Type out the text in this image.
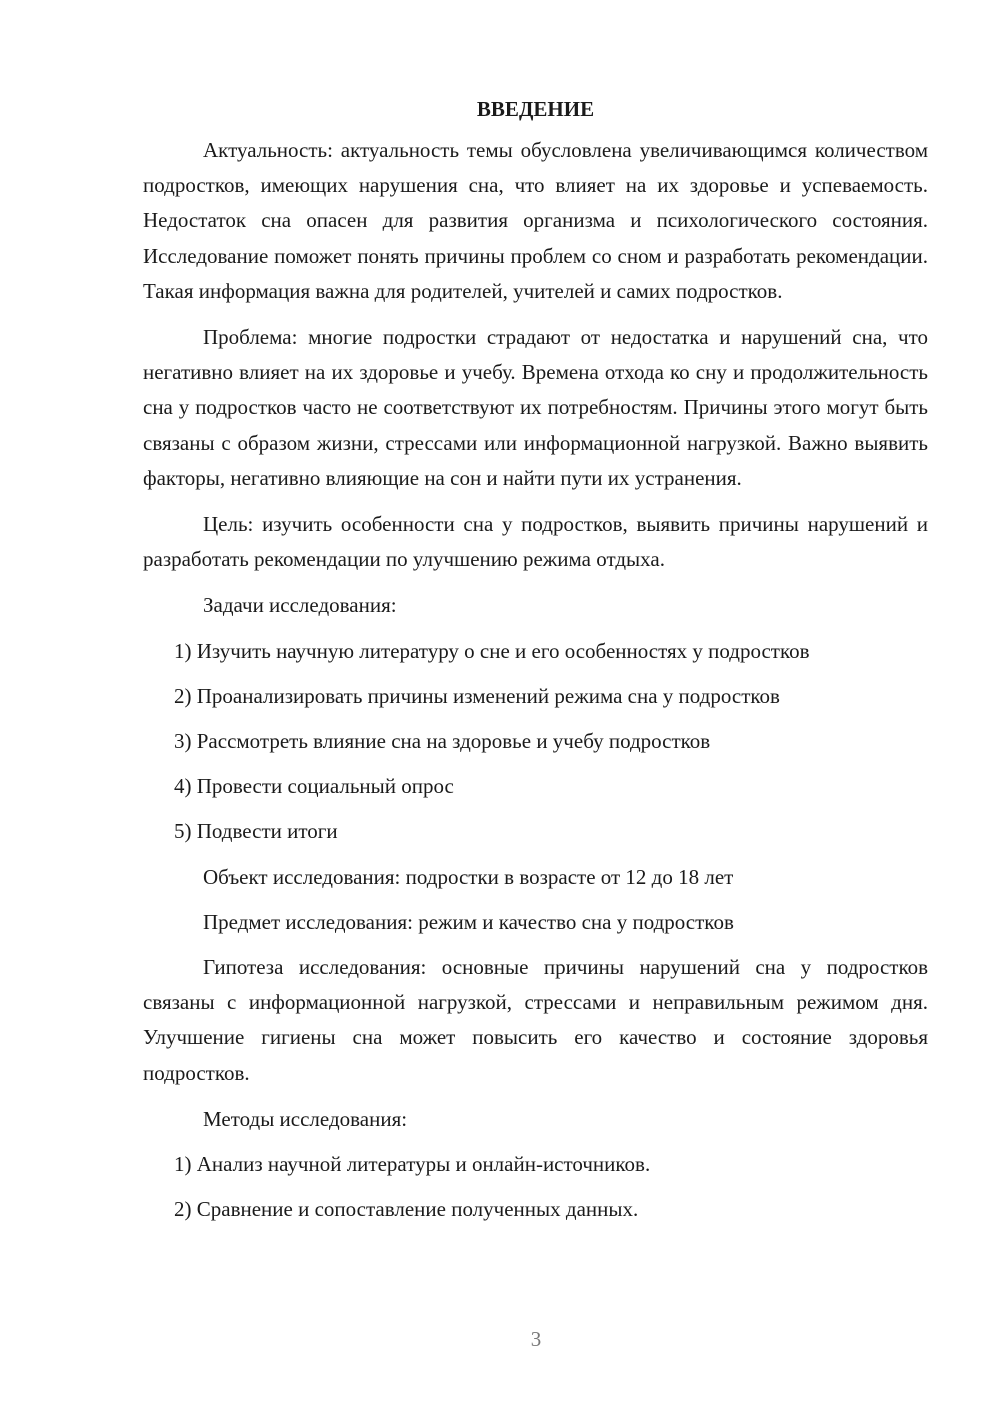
ВВЕДЕНИЕ

Актуальность: актуальность темы обусловлена увеличивающимся количеством подростков, имеющих нарушения сна, что влияет на их здоровье и успеваемость. Недостаток сна опасен для развития организма и психологического состояния. Исследование поможет понять причины проблем со сном и разработать рекомендации. Такая информация важна для родителей, учителей и самих подростков.

Проблема: многие подростки страдают от недостатка и нарушений сна, что негативно влияет на их здоровье и учебу. Времена отхода ко сну и продолжительность сна у подростков часто не соответствуют их потребностям. Причины этого могут быть связаны с образом жизни, стрессами или информационной нагрузкой. Важно выявить факторы, негативно влияющие на сон и найти пути их устранения.

Цель: изучить особенности сна у подростков, выявить причины нарушений и разработать рекомендации по улучшению режима отдыха.

Задачи исследования:
1) Изучить научную литературу о сне и его особенностях у подростков
2) Проанализировать причины изменений режима сна у подростков
3) Рассмотреть влияние сна на здоровье и учебу подростков
4) Провести социальный опрос
5) Подвести итоги
Объект исследования: подростки в возрасте от 12 до 18 лет
Предмет исследования: режим и качество сна у подростков

Гипотеза исследования: основные причины нарушений сна у подростков связаны с информационной нагрузкой, стрессами и неправильным режимом дня. Улучшение гигиены сна может повысить его качество и состояние здоровья подростков.

Методы исследования:
1) Анализ научной литературы и онлайн-источников.
2) Сравнение и сопоставление полученных данных.
3
